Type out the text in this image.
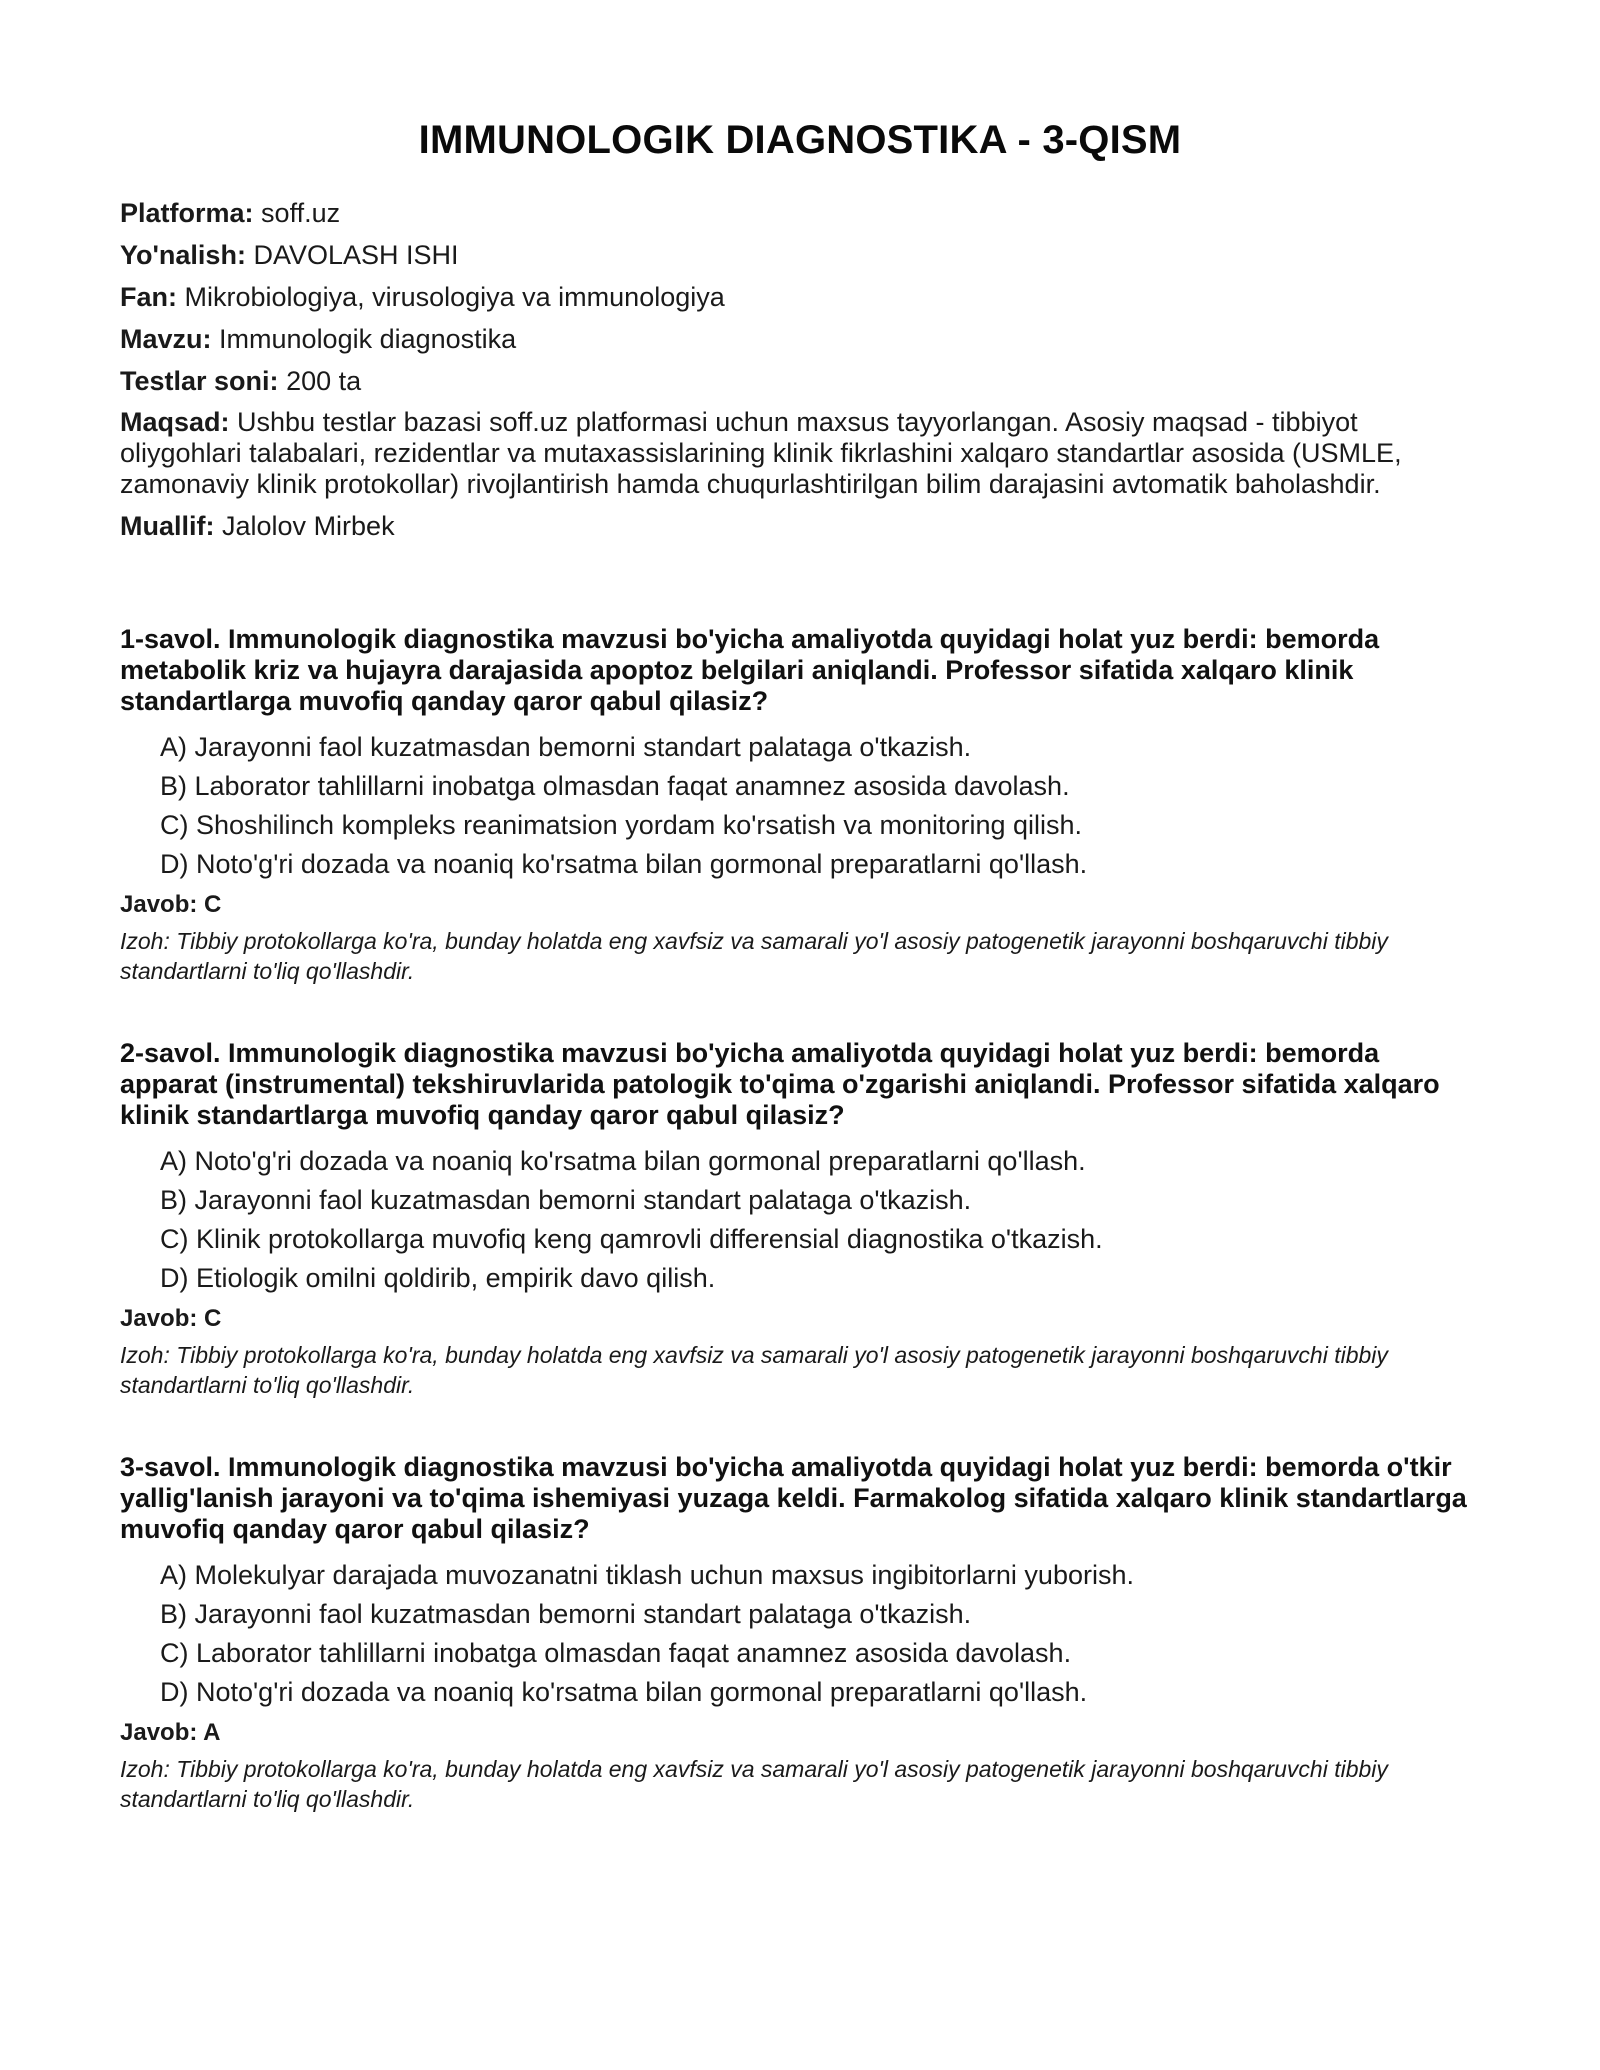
IMMUNOLOGIK DIAGNOSTIKA - 3-QISM

Platforma: soff.uz

Yo'nalish: DAVOLASH ISHI

Fan: Mikrobiologiya, virusologiya va immunologiya

Mavzu: Immunologik diagnostika

Testlar soni: 200 ta

Maqsad: Ushbu testlar bazasi soff.uz platformasi uchun maxsus tayyorlangan. Asosiy maqsad - tibbiyot oliygohlari talabalari, rezidentlar va mutaxassislarining klinik fikrlashini xalqaro standartlar asosida (USMLE, zamonaviy klinik protokollar) rivojlantirish hamda chuqurlashtirilgan bilim darajasini avtomatik baholashdir.

Muallif: Jalolov Mirbek

1-savol. Immunologik diagnostika mavzusi bo'yicha amaliyotda quyidagi holat yuz berdi: bemorda metabolik kriz va hujayra darajasida apoptoz belgilari aniqlandi. Professor sifatida xalqaro klinik standartlarga muvofiq qanday qaror qabul qilasiz?

A) Jarayonni faol kuzatmasdan bemorni standart palataga o'tkazish.
B) Laborator tahlillarni inobatga olmasdan faqat anamnez asosida davolash.
C) Shoshilinch kompleks reanimatsion yordam ko'rsatish va monitoring qilish.
D) Noto'g'ri dozada va noaniq ko'rsatma bilan gormonal preparatlarni qo'llash.

Javob: C

Izoh: Tibbiy protokollarga ko'ra, bunday holatda eng xavfsiz va samarali yo'l asosiy patogenetik jarayonni boshqaruvchi tibbiy standartlarni to'liq qo'llashdir.

2-savol. Immunologik diagnostika mavzusi bo'yicha amaliyotda quyidagi holat yuz berdi: bemorda apparat (instrumental) tekshiruvlarida patologik to'qima o'zgarishi aniqlandi. Professor sifatida xalqaro klinik standartlarga muvofiq qanday qaror qabul qilasiz?

A) Noto'g'ri dozada va noaniq ko'rsatma bilan gormonal preparatlarni qo'llash.
B) Jarayonni faol kuzatmasdan bemorni standart palataga o'tkazish.
C) Klinik protokollarga muvofiq keng qamrovli differensial diagnostika o'tkazish.
D) Etiologik omilni qoldirib, empirik davo qilish.

Javob: C

Izoh: Tibbiy protokollarga ko'ra, bunday holatda eng xavfsiz va samarali yo'l asosiy patogenetik jarayonni boshqaruvchi tibbiy standartlarni to'liq qo'llashdir.

3-savol. Immunologik diagnostika mavzusi bo'yicha amaliyotda quyidagi holat yuz berdi: bemorda o'tkir yallig'lanish jarayoni va to'qima ishemiyasi yuzaga keldi. Farmakolog sifatida xalqaro klinik standartlarga muvofiq qanday qaror qabul qilasiz?

A) Molekulyar darajada muvozanatni tiklash uchun maxsus ingibitorlarni yuborish.
B) Jarayonni faol kuzatmasdan bemorni standart palataga o'tkazish.
C) Laborator tahlillarni inobatga olmasdan faqat anamnez asosida davolash.
D) Noto'g'ri dozada va noaniq ko'rsatma bilan gormonal preparatlarni qo'llash.

Javob: A

Izoh: Tibbiy protokollarga ko'ra, bunday holatda eng xavfsiz va samarali yo'l asosiy patogenetik jarayonni boshqaruvchi tibbiy standartlarni to'liq qo'llashdir.
